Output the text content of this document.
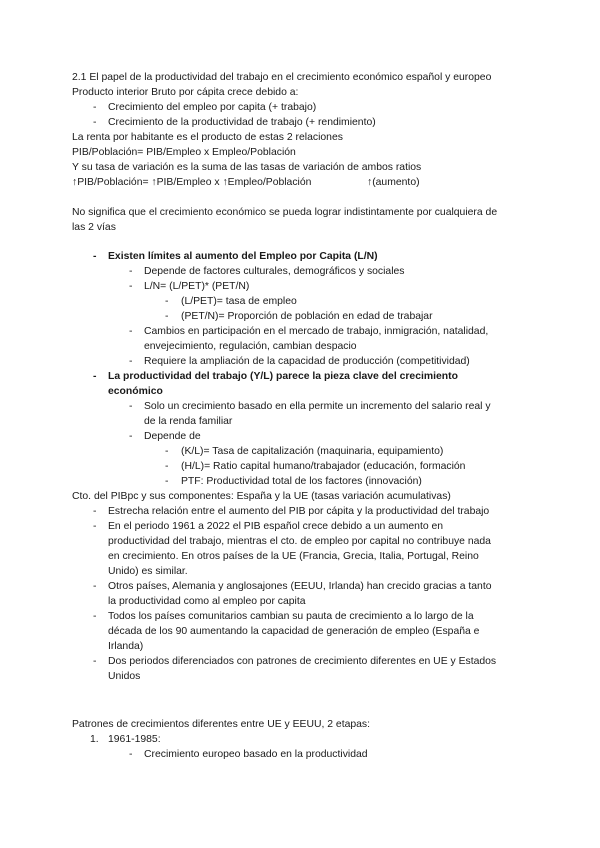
2.1 El papel de la productividad del trabajo en el crecimiento económico español y europeo
Producto interior Bruto por cápita crece debido a:
- Crecimiento del empleo por capita (+ trabajo)
- Crecimiento de la productividad de trabajo (+ rendimiento)
La renta por habitante es el producto de estas 2 relaciones
PIB/Población= PIB/Empleo x Empleo/Población
Y su tasa de variación es la suma de las tasas de variación de ambos ratios
↑PIB/Población= ↑PIB/Empleo x ↑Empleo/Población	↑(aumento)
No significa que el crecimiento económico se pueda lograr indistintamente por cualquiera de
las 2 vías
- Existen límites al aumento del Empleo por Capita (L/N)
- Depende de factores culturales, demográficos y sociales
- L/N= (L/PET)* (PET/N)
- (L/PET)= tasa de empleo
- (PET/N)= Proporción de población en edad de trabajar
- Cambios en participación en el mercado de trabajo, inmigración, natalidad,
envejecimiento, regulación, cambian despacio
- Requiere la ampliación de la capacidad de producción (competitividad)
- La productividad del trabajo (Y/L) parece la pieza clave del crecimiento
económico
- Solo un crecimiento basado en ella permite un incremento del salario real y
de la renda familiar
- Depende de
- (K/L)= Tasa de capitalización (maquinaria, equipamiento)
- (H/L)= Ratio capital humano/trabajador (educación, formación
- PTF: Productividad total de los factores (innovación)
Cto. del PIBpc y sus componentes: España y la UE (tasas variación acumulativas)
- Estrecha relación entre el aumento del PIB por cápita y la productividad del trabajo
- En el periodo 1961 a 2022 el PIB español crece debido a un aumento en
productividad del trabajo, mientras el cto. de empleo por capital no contribuye nada
en crecimiento. En otros países de la UE (Francia, Grecia, Italia, Portugal, Reino
Unido) es similar.
- Otros países, Alemania y anglosajones (EEUU, Irlanda) han crecido gracias a tanto
la productividad como al empleo por capita
- Todos los países comunitarios cambian su pauta de crecimiento a lo largo de la
década de los 90 aumentando la capacidad de generación de empleo (España e
Irlanda)
- Dos periodos diferenciados con patrones de crecimiento diferentes en UE y Estados
Unidos
Patrones de crecimientos diferentes entre UE y EEUU, 2 etapas:
1. 1961-1985:
- Crecimiento europeo basado en la productividad
